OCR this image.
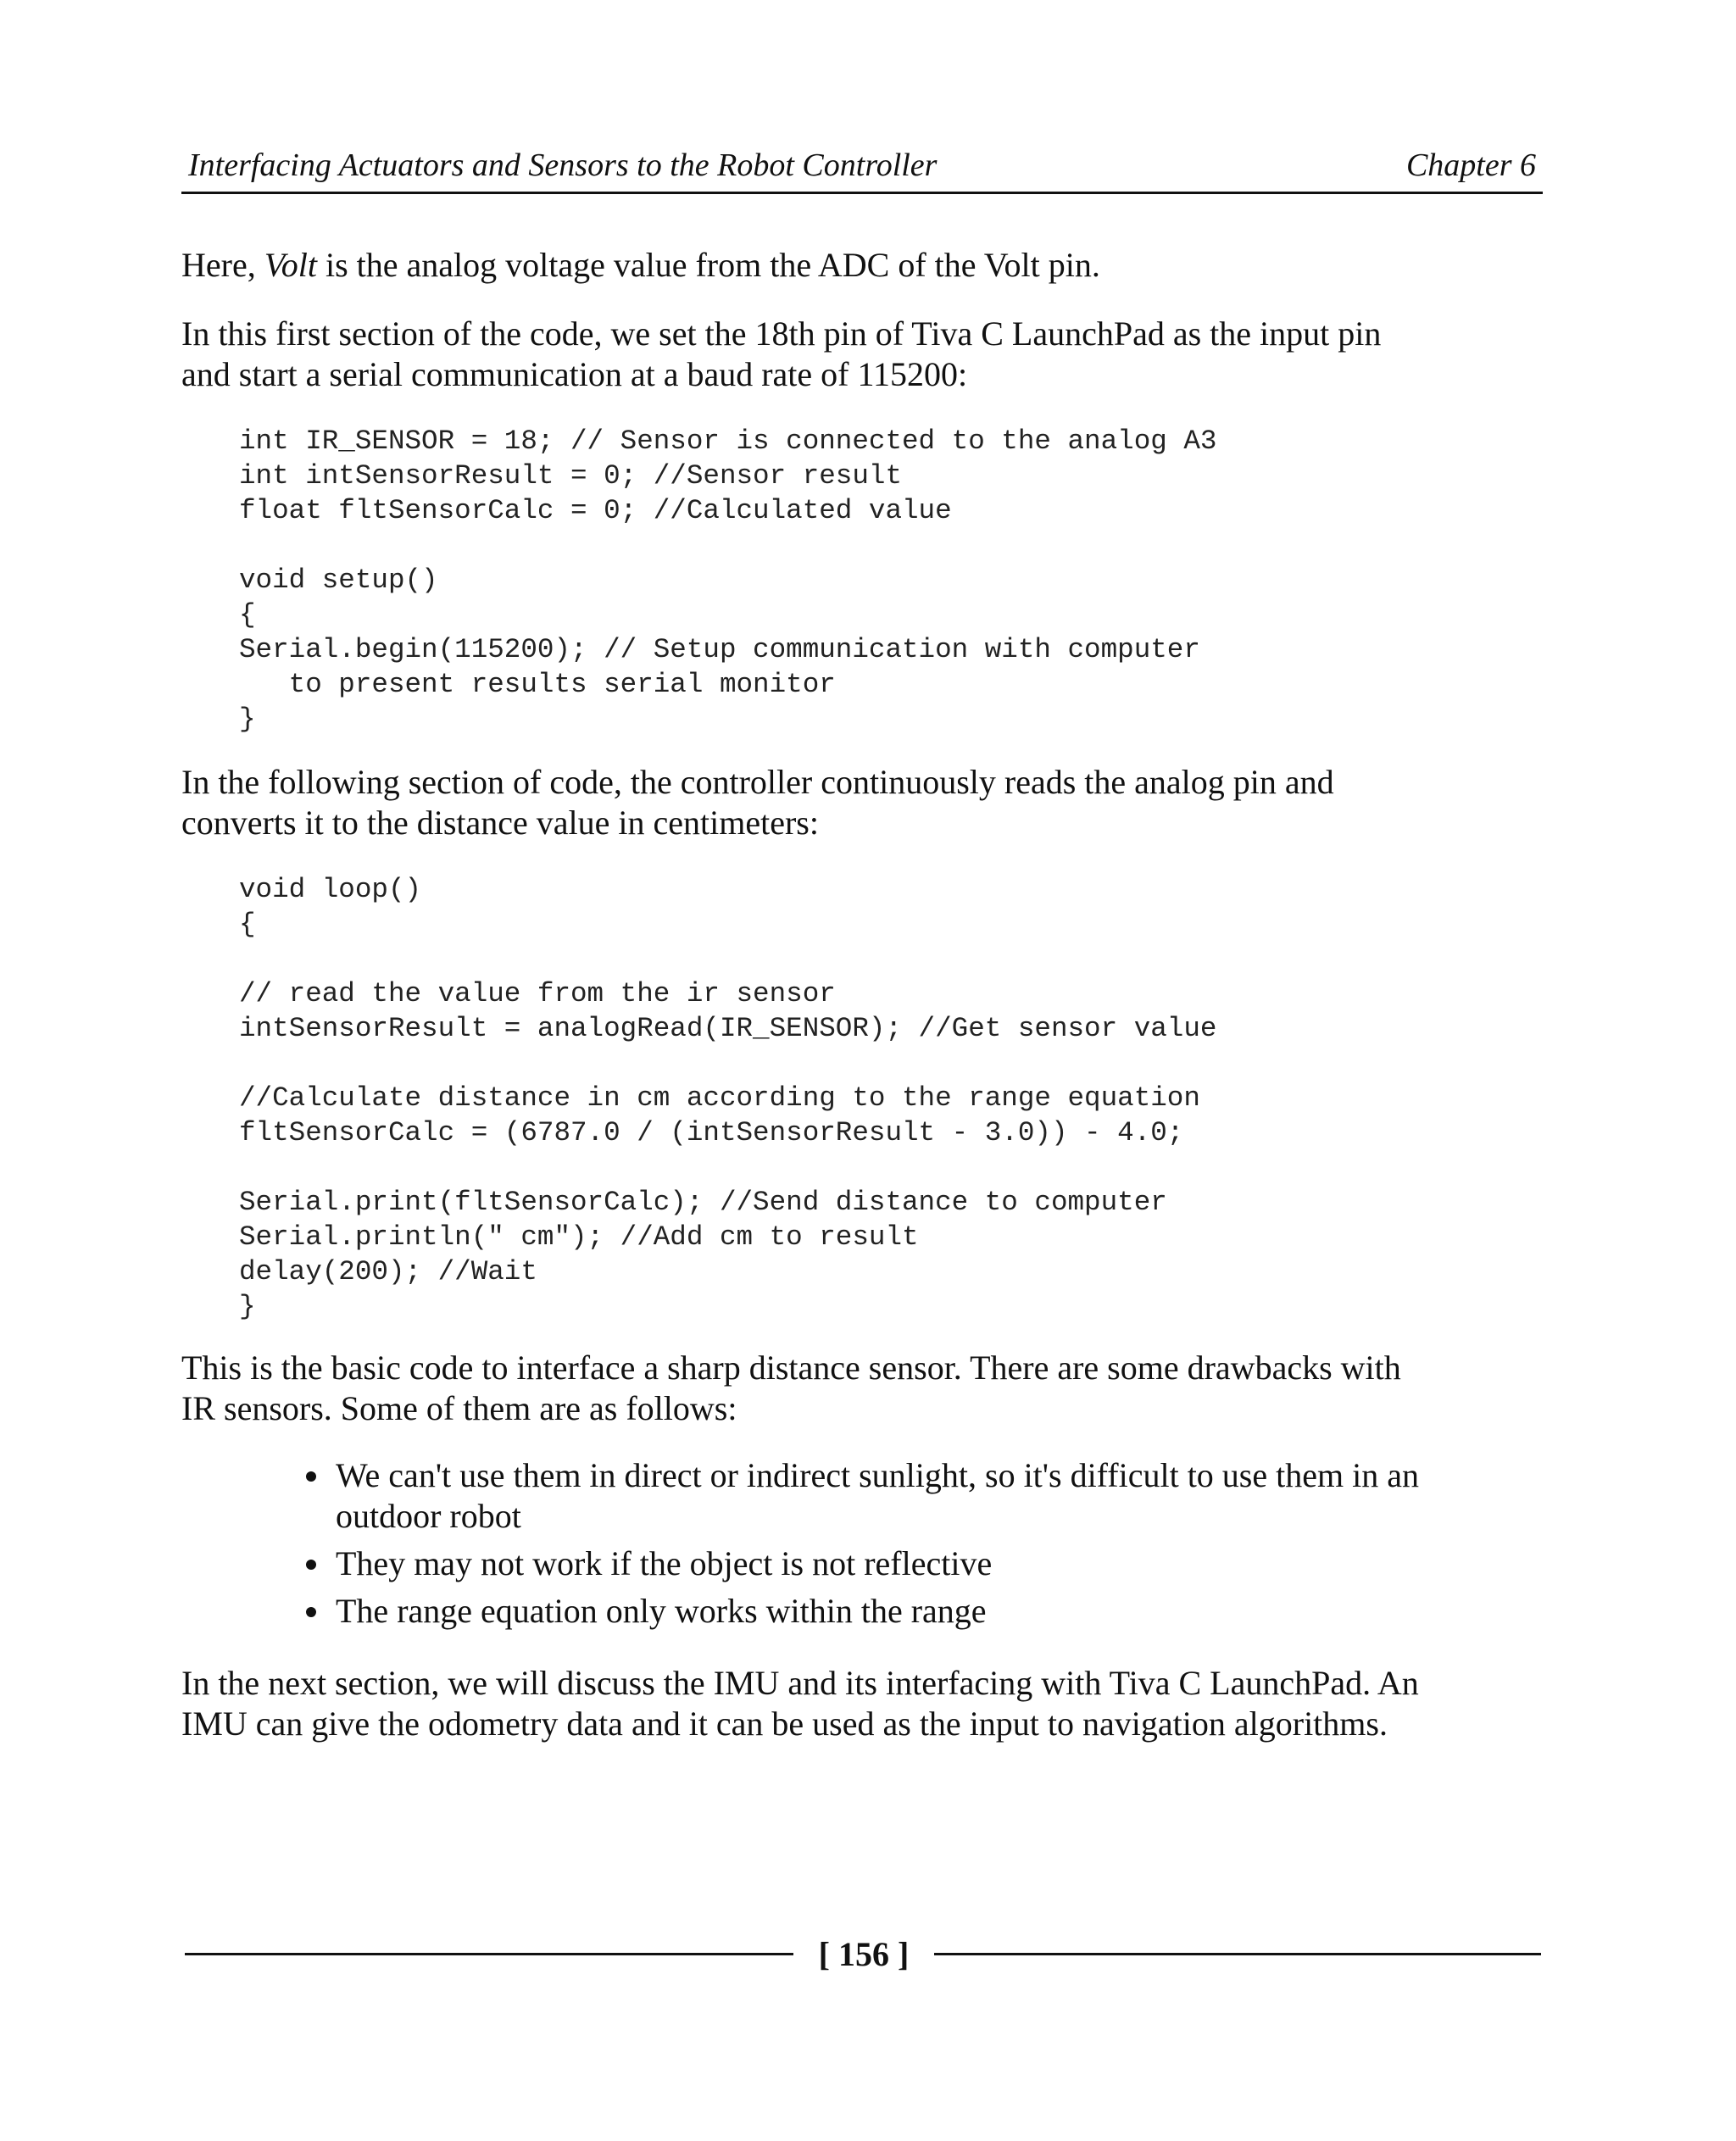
Interfacing Actuators and Sensors to the Robot Controller	Chapter 6

Here, Volt is the analog voltage value from the ADC of the Volt pin.

In this first section of the code, we set the 18th pin of Tiva C LaunchPad as the input pin
and start a serial communication at a baud rate of 115200:

int IR_SENSOR = 18; // Sensor is connected to the analog A3
int intSensorResult = 0; //Sensor result
float fltSensorCalc = 0; //Calculated value
void setup()
{
Serial.begin(115200); // Setup communication with computer
to present results serial monitor
}

In the following section of code, the controller continuously reads the analog pin and
converts it to the distance value in centimeters:

void loop()
{
// read the value from the ir sensor
intSensorResult = analogRead(IR_SENSOR); //Get sensor value
//Calculate distance in cm according to the range equation
fltSensorCalc = (6787.0 / (intSensorResult - 3.0)) - 4.0;
Serial.print(fltSensorCalc); //Send distance to computer
Serial.println(" cm"); //Add cm to result
delay(200); //Wait
}

This is the basic code to interface a sharp distance sensor. There are some drawbacks with
IR sensors. Some of them are as follows:

We can't use them in direct or indirect sunlight, so it's difficult to use them in an
outdoor robot
They may not work if the object is not reflective
The range equation only works within the range

In the next section, we will discuss the IMU and its interfacing with Tiva C LaunchPad. An
IMU can give the odometry data and it can be used as the input to navigation algorithms.

[ 156 ]
